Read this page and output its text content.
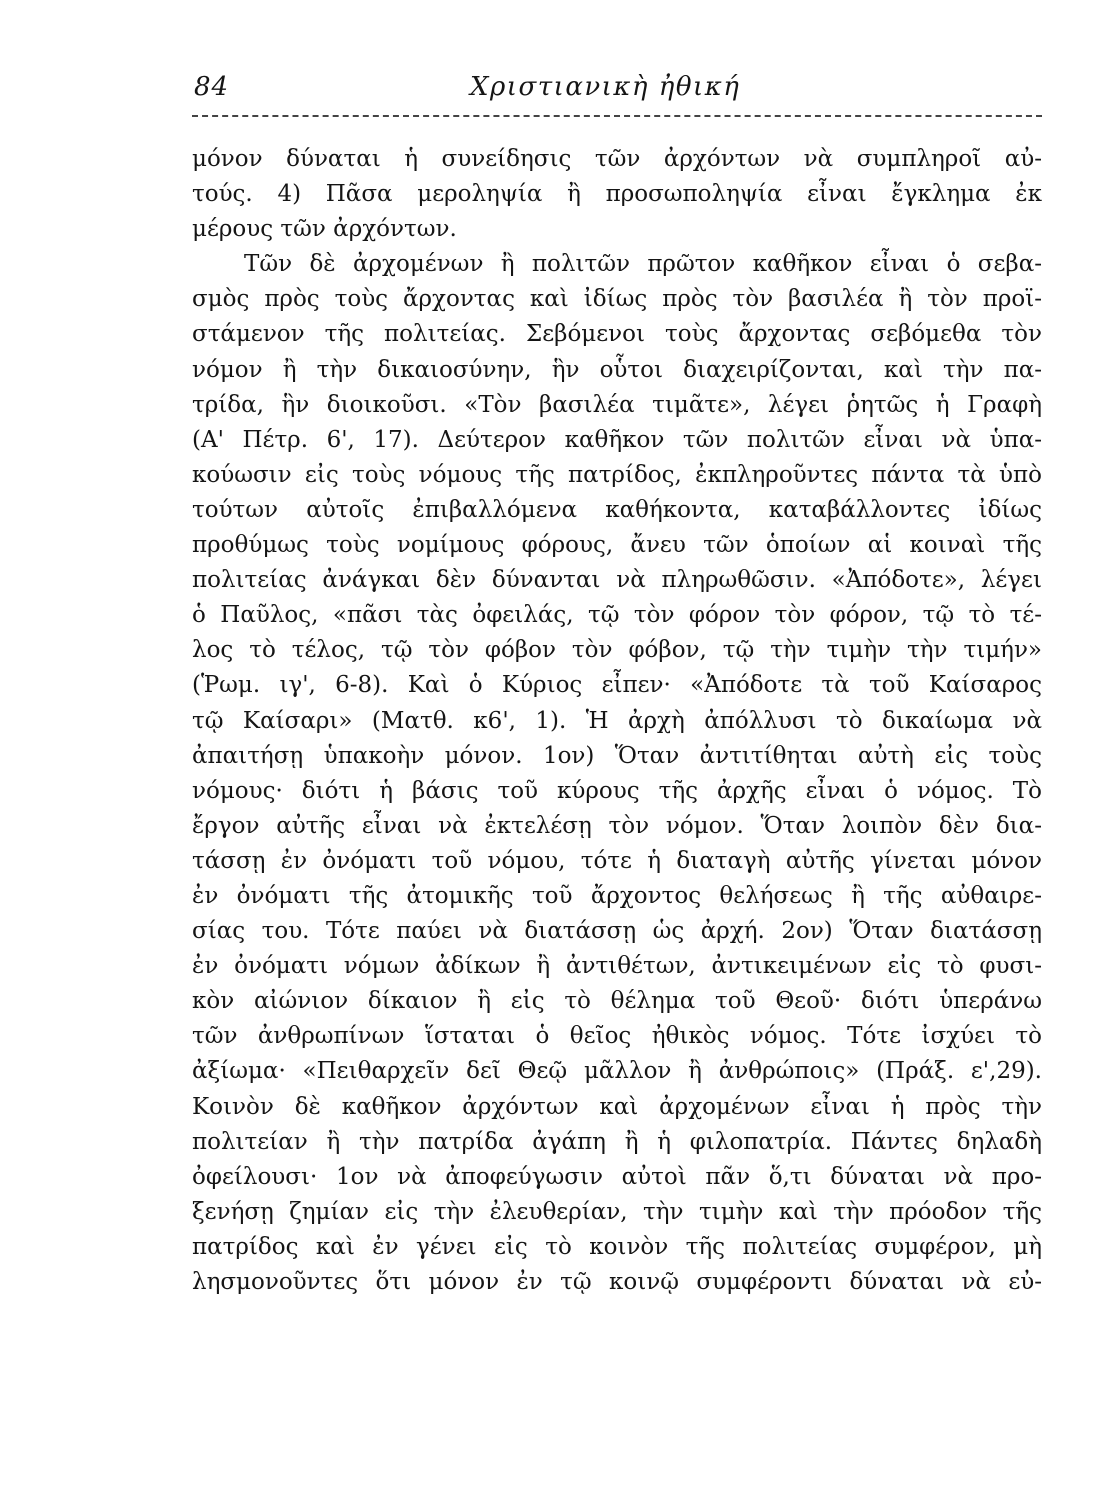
84	Χριστιανικὴ ἠθική
μόνον δύναται ἡ συνείδησις τῶν ἀρχόντων νὰ συμπληροῖ αὐ-
τούς. 4) Πᾶσα μεροληψία ἢ προσωποληψία εἶναι ἔγκλημα ἐκ
μέρους τῶν ἀρχόντων.
Τῶν δὲ ἀρχομένων ἢ πολιτῶν πρῶτον καθῆκον εἶναι ὁ σεβα-
σμὸς πρὸς τοὺς ἄρχοντας καὶ ἰδίως πρὸς τὸν βασιλέα ἢ τὸν προϊ-
στάμενον τῆς πολιτείας. Σεβόμενοι τοὺς ἄρχοντας σεβόμεθα τὸν
νόμον ἢ τὴν δικαιοσύνην, ἣν οὗτοι διαχειρίζονται, καὶ τὴν πα-
τρίδα, ἣν διοικοῦσι. «Τὸν βασιλέα τιμᾶτε», λέγει ῥητῶς ἡ Γραφὴ
(Α' Πέτρ. 6', 17). Δεύτερον καθῆκον τῶν πολιτῶν εἶναι νὰ ὑπα-
κούωσιν εἰς τοὺς νόμους τῆς πατρίδος, ἐκπληροῦντες πάντα τὰ ὑπὸ
τούτων αὐτοῖς ἐπιβαλλόμενα καθήκοντα, καταβάλλοντες ἰδίως
προθύμως τοὺς νομίμους φόρους, ἄνευ τῶν ὁποίων αἱ κοιναὶ τῆς
πολιτείας ἀνάγκαι δὲν δύνανται νὰ πληρωθῶσιν. «Ἀπόδοτε», λέγει
ὁ Παῦλος, «πᾶσι τὰς ὀφειλάς, τῷ τὸν φόρον τὸν φόρον, τῷ τὸ τέ-
λος τὸ τέλος, τῷ τὸν φόβον τὸν φόβον, τῷ τὴν τιμὴν τὴν τιμήν»
(Ῥωμ. ιγ', 6-8). Καὶ ὁ Κύριος εἶπεν· «Ἀπόδοτε τὰ τοῦ Καίσαρος
τῷ Καίσαρι» (Ματθ. κ6', 1). Ἡ ἀρχὴ ἀπόλλυσι τὸ δικαίωμα νὰ
ἀπαιτήσῃ ὑπακοὴν μόνον. 1ον) Ὅταν ἀντιτίθηται αὐτὴ εἰς τοὺς
νόμους· διότι ἡ βάσις τοῦ κύρους τῆς ἀρχῆς εἶναι ὁ νόμος. Τὸ
ἔργον αὐτῆς εἶναι νὰ ἐκτελέσῃ τὸν νόμον. Ὅταν λοιπὸν δὲν δια-
τάσσῃ ἐν ὀνόματι τοῦ νόμου, τότε ἡ διαταγὴ αὐτῆς γίνεται μόνον
ἐν ὀνόματι τῆς ἀτομικῆς τοῦ ἄρχοντος θελήσεως ἢ τῆς αὐθαιρε-
σίας του. Τότε παύει νὰ διατάσσῃ ὡς ἀρχή. 2ον) Ὅταν διατάσσῃ
ἐν ὀνόματι νόμων ἀδίκων ἢ ἀντιθέτων, ἀντικειμένων εἰς τὸ φυσι-
κὸν αἰώνιον δίκαιον ἢ εἰς τὸ θέλημα τοῦ Θεοῦ· διότι ὑπεράνω
τῶν ἀνθρωπίνων ἵσταται ὁ θεῖος ἠθικὸς νόμος. Τότε ἰσχύει τὸ
ἀξίωμα· «Πειθαρχεῖν δεῖ Θεῷ μᾶλλον ἢ ἀνθρώποις» (Πράξ. ε',29).
Κοινὸν δὲ καθῆκον ἀρχόντων καὶ ἀρχομένων εἶναι ἡ πρὸς τὴν
πολιτείαν ἢ τὴν πατρίδα ἀγάπη ἢ ἡ φιλοπατρία. Πάντες δηλαδὴ
ὀφείλουσι· 1ον νὰ ἀποφεύγωσιν αὐτοὶ πᾶν ὅ,τι δύναται νὰ προ-
ξενήσῃ ζημίαν εἰς τὴν ἐλευθερίαν, τὴν τιμὴν καὶ τὴν πρόοδον τῆς
πατρίδος καὶ ἐν γένει εἰς τὸ κοινὸν τῆς πολιτείας συμφέρον, μὴ
λησμονοῦντες ὅτι μόνον ἐν τῷ κοινῷ συμφέροντι δύναται νὰ εὐ-
